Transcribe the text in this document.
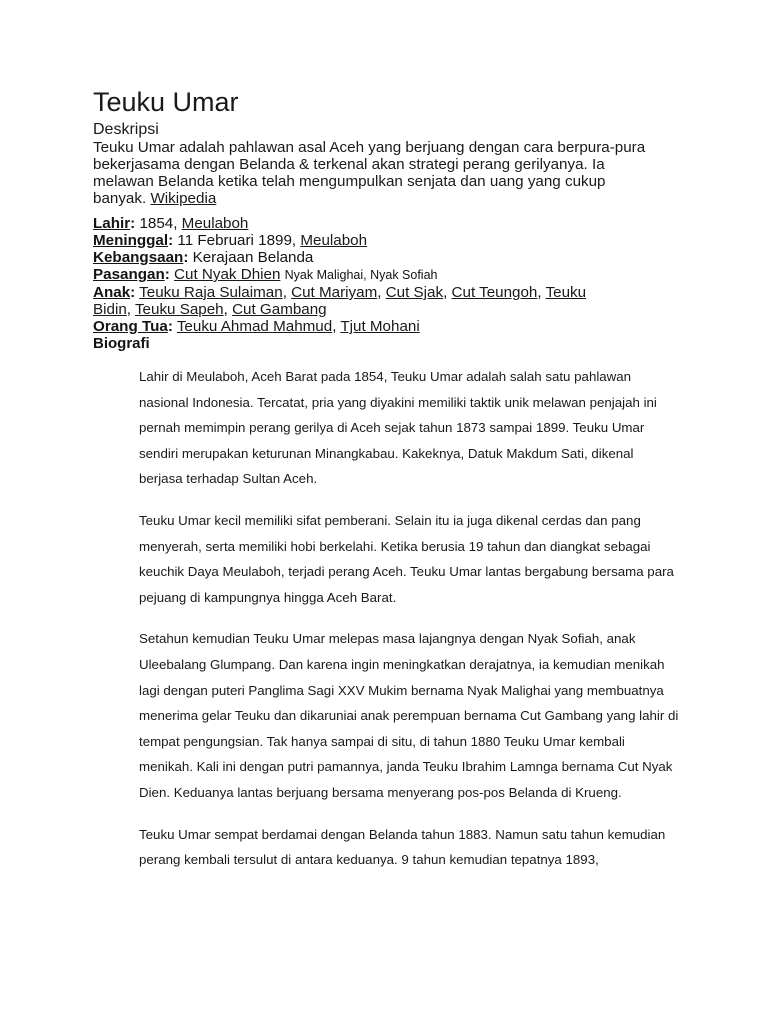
Teuku Umar
Deskripsi

Teuku Umar adalah pahlawan asal Aceh yang berjuang dengan cara berpura-pura bekerjasama dengan Belanda & terkenal akan strategi perang gerilyanya. Ia melawan Belanda ketika telah mengumpulkan senjata dan uang yang cukup banyak. Wikipedia

Lahir: 1854, Meulaboh
Meninggal: 11 Februari 1899, Meulaboh
Kebangsaan: Kerajaan Belanda
Pasangan: Cut Nyak Dhien Nyak Malighai, Nyak Sofiah
Anak: Teuku Raja Sulaiman, Cut Mariyam, Cut Sjak, Cut Teungoh, Teuku Bidin, Teuku Sapeh, Cut Gambang
Orang Tua: Teuku Ahmad Mahmud, Tjut Mohani
Biografi

Lahir di Meulaboh, Aceh Barat pada 1854, Teuku Umar adalah salah satu pahlawan nasional Indonesia. Tercatat, pria yang diyakini memiliki taktik unik melawan penjajah ini pernah memimpin perang gerilya di Aceh sejak tahun 1873 sampai 1899. Teuku Umar sendiri merupakan keturunan Minangkabau. Kakeknya, Datuk Makdum Sati, dikenal berjasa terhadap Sultan Aceh.

Teuku Umar kecil memiliki sifat pemberani. Selain itu ia juga dikenal cerdas dan pang menyerah, serta memiliki hobi berkelahi. Ketika berusia 19 tahun dan diangkat sebagai keuchik Daya Meulaboh, terjadi perang Aceh. Teuku Umar lantas bergabung bersama para pejuang di kampungnya hingga Aceh Barat.

Setahun kemudian Teuku Umar melepas masa lajangnya dengan Nyak Sofiah, anak Uleebalang Glumpang. Dan karena ingin meningkatkan derajatnya, ia kemudian menikah lagi dengan puteri Panglima Sagi XXV Mukim bernama Nyak Malighai yang membuatnya menerima gelar Teuku dan dikaruniai anak perempuan bernama Cut Gambang yang lahir di tempat pengungsian. Tak hanya sampai di situ, di tahun 1880 Teuku Umar kembali menikah. Kali ini dengan putri pamannya, janda Teuku Ibrahim Lamnga bernama Cut Nyak Dien. Keduanya lantas berjuang bersama menyerang pos-pos Belanda di Krueng.

Teuku Umar sempat berdamai dengan Belanda tahun 1883. Namun satu tahun kemudian perang kembali tersulut di antara keduanya. 9 tahun kemudian tepatnya 1893,
